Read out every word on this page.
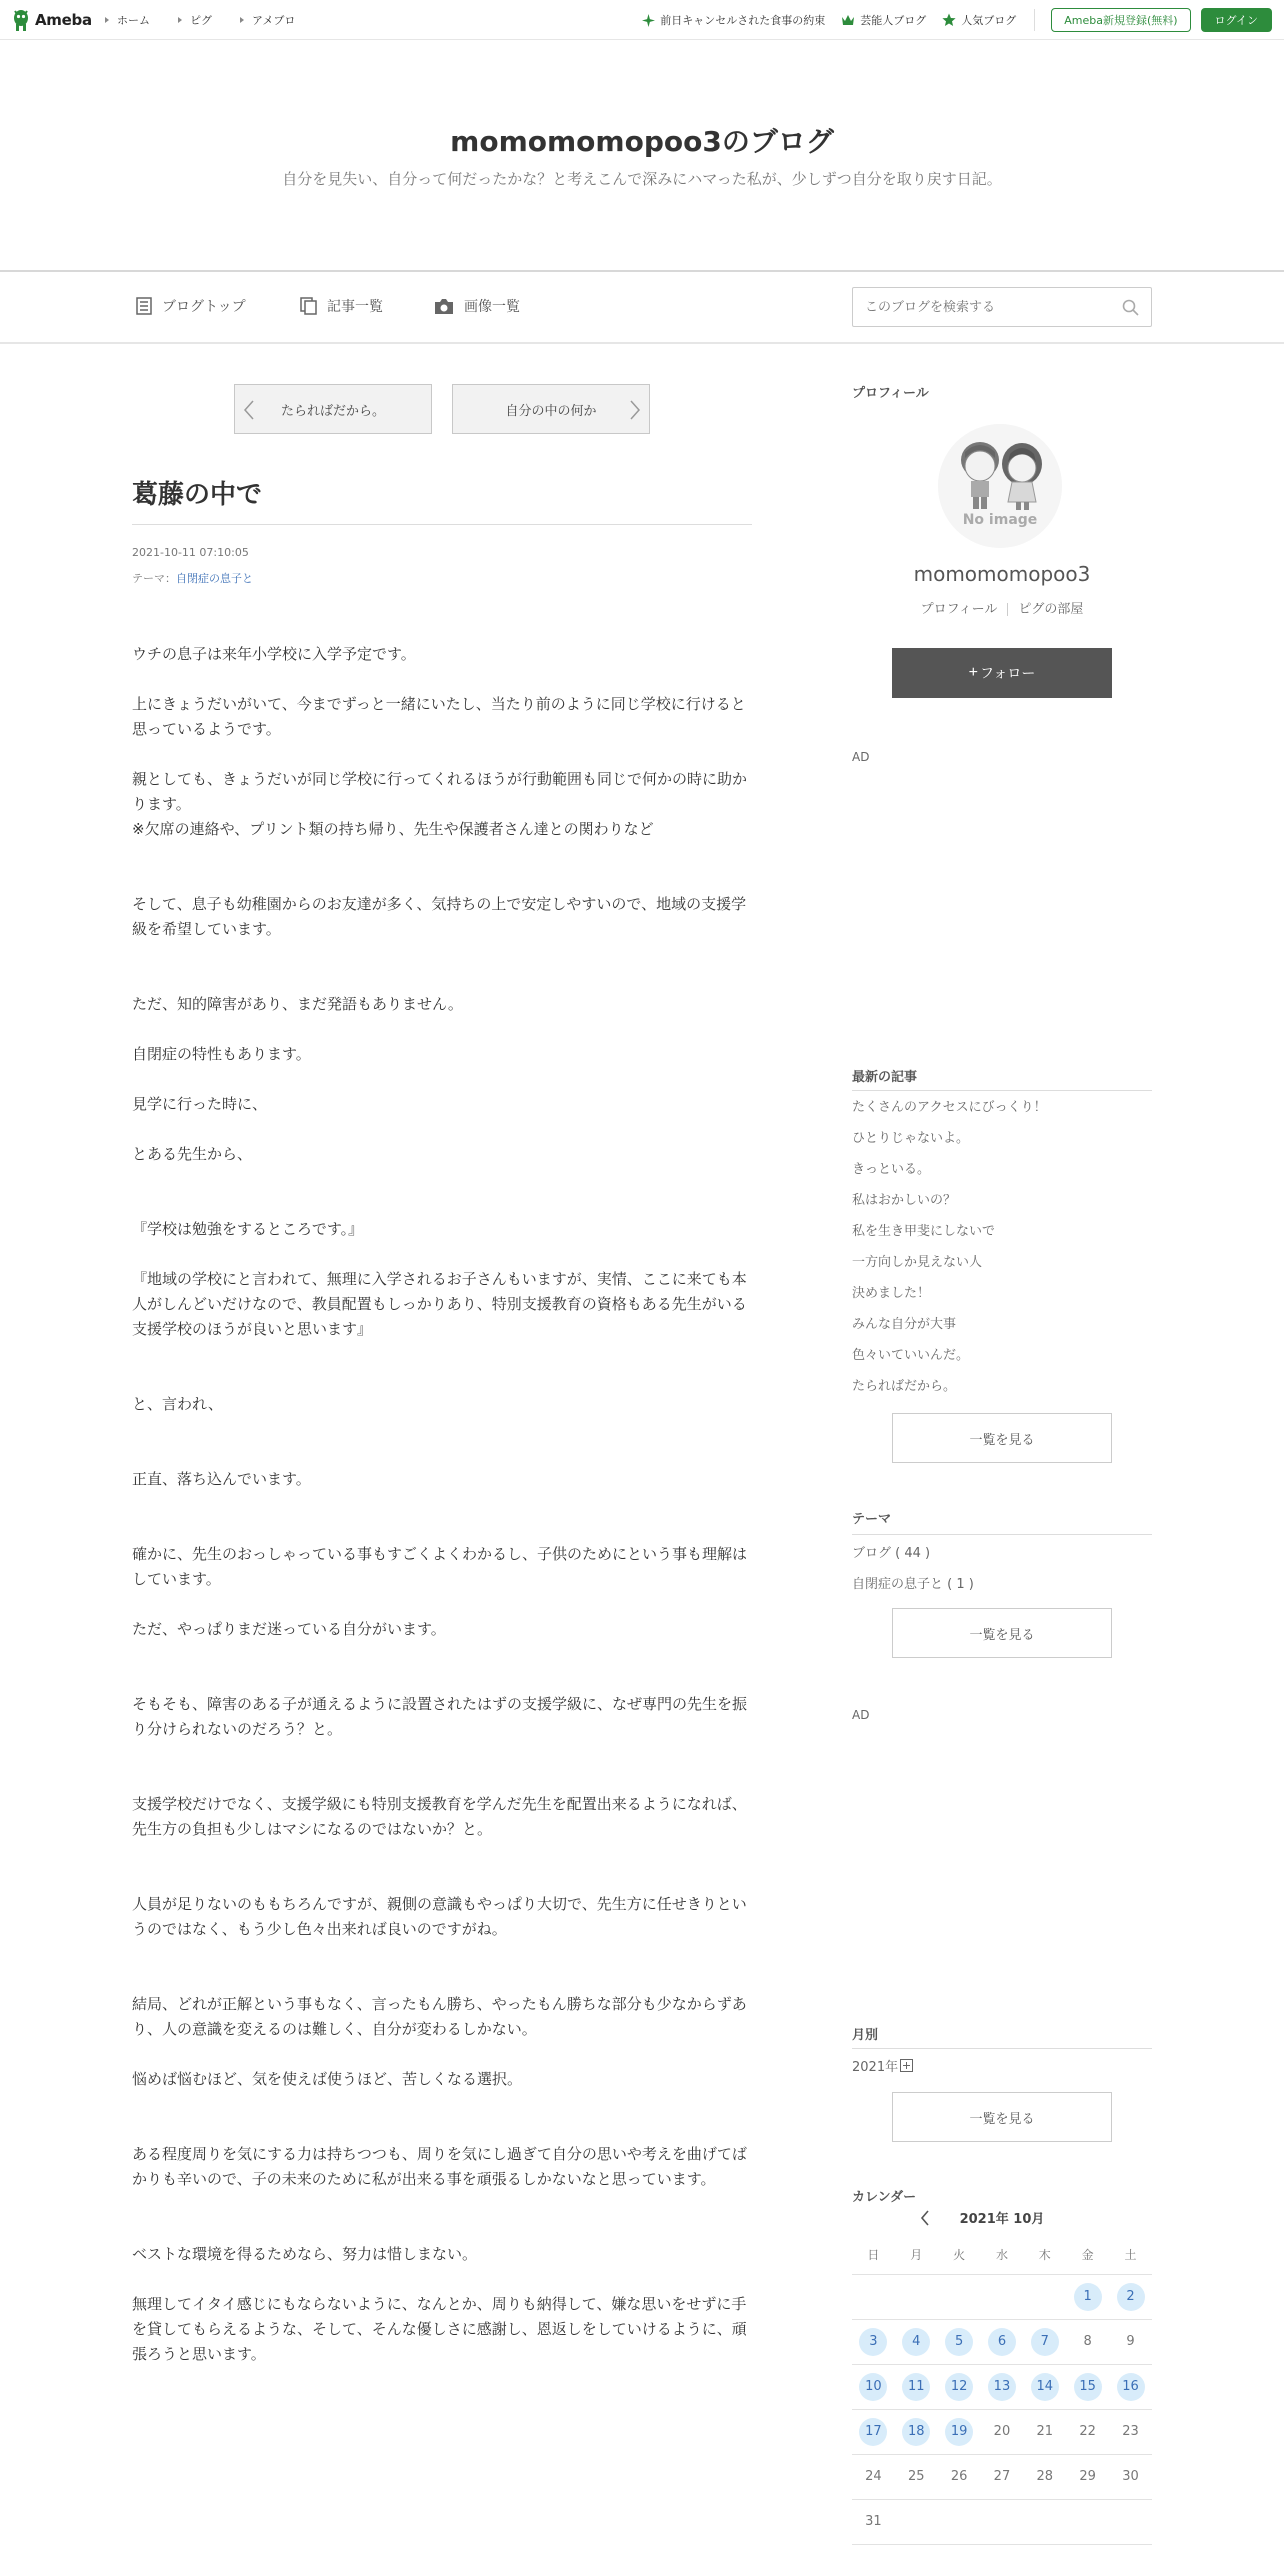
Ameba ホーム	ピグ	アメブロ	前日キャンセルされた食事の約束	芸能人ブログ	人気ブログ	Ameba新規登録(無料)	ログイン
momomomopoo3のブログ

自分を見失い、自分って何だったかな？と考えこんで深みにハマった私が、少しずつ自分を取り戻す日記。

ブログトップ	記事一覧	画像一覧
このブログを検索する
たらればだから。	自分の中の何か
葛藤の中で
2021-10-11 07:10:05
テーマ：自閉症の息子と

ウチの息子は来年小学校に入学予定です。

上にきょうだいがいて、今までずっと一緒にいたし、当たり前のように同じ学校に行けると思っているようです。

親としても、きょうだいが同じ学校に行ってくれるほうが行動範囲も同じで何かの時に助かります。

※欠席の連絡や、プリント類の持ち帰り、先生や保護者さん達との関わりなど

そして、息子も幼稚園からのお友達が多く、気持ちの上で安定しやすいので、地域の支援学級を希望しています。

ただ、知的障害があり、まだ発語もありません。

自閉症の特性もあります。

見学に行った時に、

とある先生から、

『学校は勉強をするところです。』

『地域の学校にと言われて、無理に入学されるお子さんもいますが、実情、ここに来ても本人がしんどいだけなので、教員配置もしっかりあり、特別支援教育の資格もある先生がいる支援学校のほうが良いと思います』

と、言われ、

正直、落ち込んでいます。

確かに、先生のおっしゃっている事もすごくよくわかるし、子供のためにという事も理解はしています。

ただ、やっぱりまだ迷っている自分がいます。

そもそも、障害のある子が通えるように設置されたはずの支援学級に、なぜ専門の先生を振り分けられないのだろう？と。

支援学校だけでなく、支援学級にも特別支援教育を学んだ先生を配置出来るようになれば、先生方の負担も少しはマシになるのではないか？と。

人員が足りないのももちろんですが、親側の意識もやっぱり大切で、先生方に任せきりというのではなく、もう少し色々出来れば良いのですがね。

結局、どれが正解という事もなく、言ったもん勝ち、やったもん勝ちな部分も少なからずあり、人の意識を変えるのは難しく、自分が変わるしかない。

悩めば悩むほど、気を使えば使うほど、苦しくなる選択。

ある程度周りを気にする力は持ちつつも、周りを気にし過ぎて自分の思いや考えを曲げてばかりも辛いので、子の未来のために私が出来る事を頑張るしかないなと思っています。

ベストな環境を得るためなら、努力は惜しまない。

無理してイタイ感じにもならないように、なんとか、周りも納得して、嫌な思いをせずに手を貸してもらえるような、そして、そんな優しさに感謝し、恩返しをしていけるように、頑張ろうと思います。

プロフィール
No image
momomomopoo3
プロフィール ピグの部屋
+ フォロー
AD
最新の記事
たくさんのアクセスにびっくり！
ひとりじゃないよ。
きっといる。
私はおかしいの？
私を生き甲斐にしないで
一方向しか見えない人
決めました！
みんな自分が大事
色々いていいんだ。
たらればだから。
一覧を見る
テーマ
ブログ ( 44 )
自閉症の息子と ( 1 )
一覧を見る
AD
月別
2021年
一覧を見る
カレンダー
2021年 10月
日	月	火	水	木	金	土
					1	2
3	4	5	6	7	8	9
10	11	12	13	14	15	16
17	18	19	20	21	22	23
24	25	26	27	28	29	30
31						
